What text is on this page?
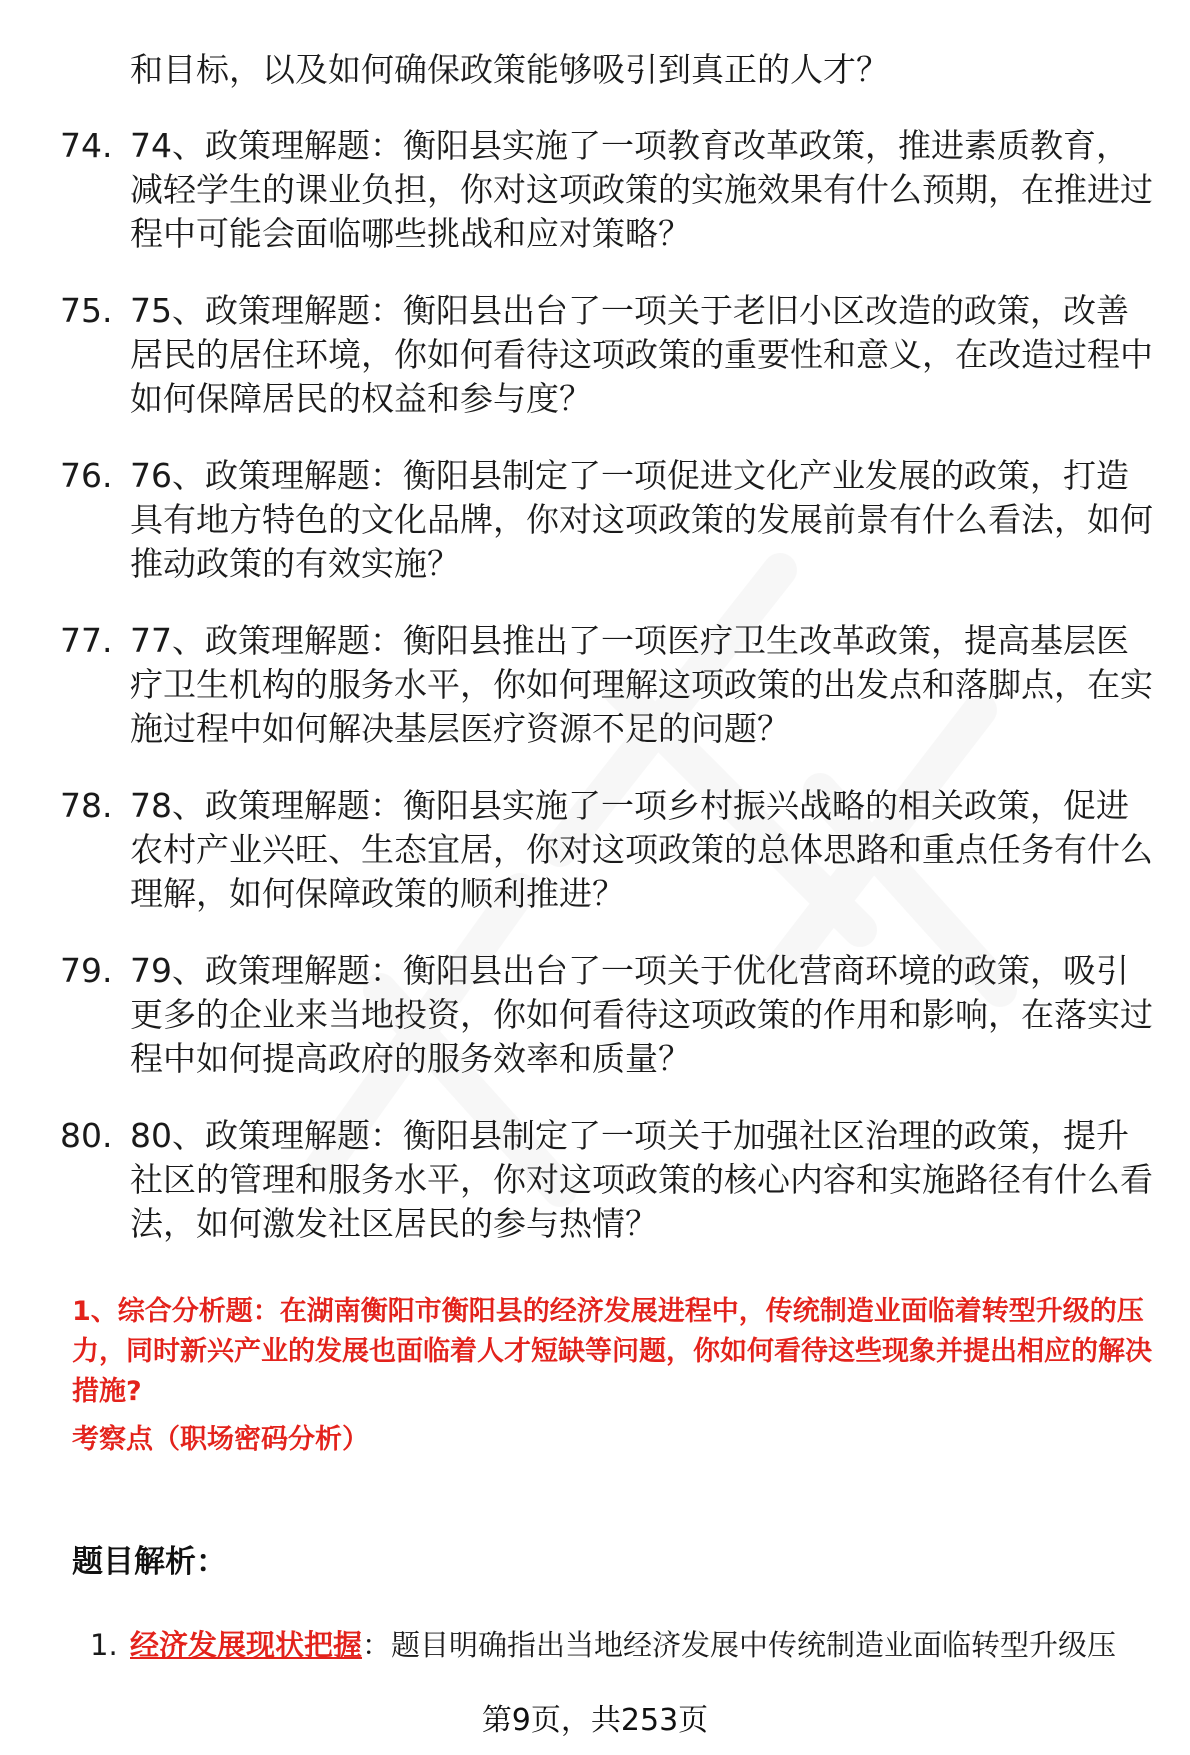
和目标，以及如何确保政策能够吸引到真正的人才？
74. 74、政策理解题：衡阳县实施了一项教育改革政策，推进素质教育，减轻学生的课业负担，你对这项政策的实施效果有什么预期，在推进过程中可能会面临哪些挑战和应对策略？
75. 75、政策理解题：衡阳县出台了一项关于老旧小区改造的政策，改善居民的居住环境，你如何看待这项政策的重要性和意义，在改造过程中如何保障居民的权益和参与度？
76. 76、政策理解题：衡阳县制定了一项促进文化产业发展的政策，打造具有地方特色的文化品牌，你对这项政策的发展前景有什么看法，如何推动政策的有效实施？
77. 77、政策理解题：衡阳县推出了一项医疗卫生改革政策，提高基层医疗卫生机构的服务水平，你如何理解这项政策的出发点和落脚点，在实施过程中如何解决基层医疗资源不足的问题？
78. 78、政策理解题：衡阳县实施了一项乡村振兴战略的相关政策，促进农村产业兴旺、生态宜居，你对这项政策的总体思路和重点任务有什么理解，如何保障政策的顺利推进？
79. 79、政策理解题：衡阳县出台了一项关于优化营商环境的政策，吸引更多的企业来当地投资，你如何看待这项政策的作用和影响，在落实过程中如何提高政府的服务效率和质量？
80. 80、政策理解题：衡阳县制定了一项关于加强社区治理的政策，提升社区的管理和服务水平，你对这项政策的核心内容和实施路径有什么看法，如何激发社区居民的参与热情？
1、综合分析题：在湖南衡阳市衡阳县的经济发展进程中，传统制造业面临着转型升级的压力，同时新兴产业的发展也面临着人才短缺等问题，你如何看待这些现象并提出相应的解决措施?
考察点（职场密码分析）
题目解析：
1. 经济发展现状把握：题目明确指出当地经济发展中传统制造业面临转型升级压
第9页，共253页
